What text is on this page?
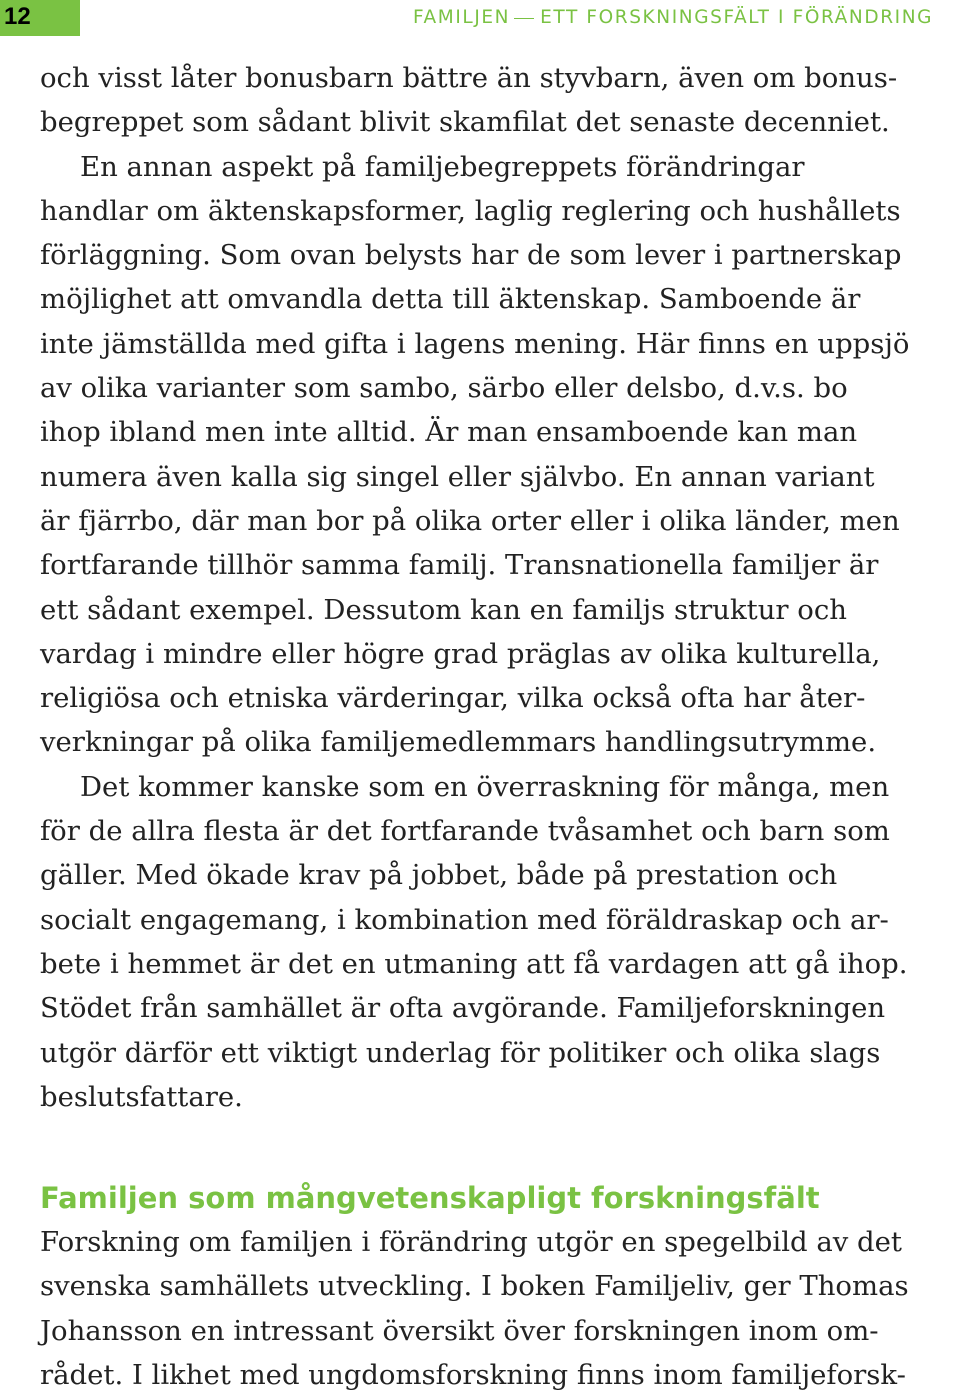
12	FAMILJEN ETT FORSKNINGSFÄLT I FÖRÄNDRING
och visst låter bonusbarn bättre än styvbarn, även om bonus-
begreppet som sådant blivit skamfilat det senaste decenniet.
En annan aspekt på familjebegreppets förändringar
handlar om äktenskapsformer, laglig reglering och hushållets
förläggning. Som ovan belysts har de som lever i partnerskap
möjlighet att omvandla detta till äktenskap. Samboende är
inte jämställda med gifta i lagens mening. Här finns en uppsjö
av olika varianter som sambo, särbo eller delsbo, d.v.s. bo
ihop ibland men inte alltid. Är man ensamboende kan man
numera även kalla sig singel eller självbo. En annan variant
är fjärrbo, där man bor på olika orter eller i olika länder, men
fortfarande tillhör samma familj. Transnationella familjer är
ett sådant exempel. Dessutom kan en familjs struktur och
vardag i mindre eller högre grad präglas av olika kulturella,
religiösa och etniska värderingar, vilka också ofta har åter-
verkningar på olika familjemedlemmars handlingsutrymme.
Det kommer kanske som en överraskning för många, men
för de allra flesta är det fortfarande tvåsamhet och barn som
gäller. Med ökade krav på jobbet, både på prestation och
socialt engagemang, i kombination med föräldraskap och ar-
bete i hemmet är det en utmaning att få vardagen att gå ihop.
Stödet från samhället är ofta avgörande. Familjeforskningen
utgör därför ett viktigt underlag för politiker och olika slags
beslutsfattare.
Familjen som mångvetenskapligt forskningsfält
Forskning om familjen i förändring utgör en spegelbild av det
svenska samhällets utveckling. I boken Familjeliv, ger Thomas
Johansson en intressant översikt över forskningen inom om-
rådet. I likhet med ungdomsforskning finns inom familjeforsk-
